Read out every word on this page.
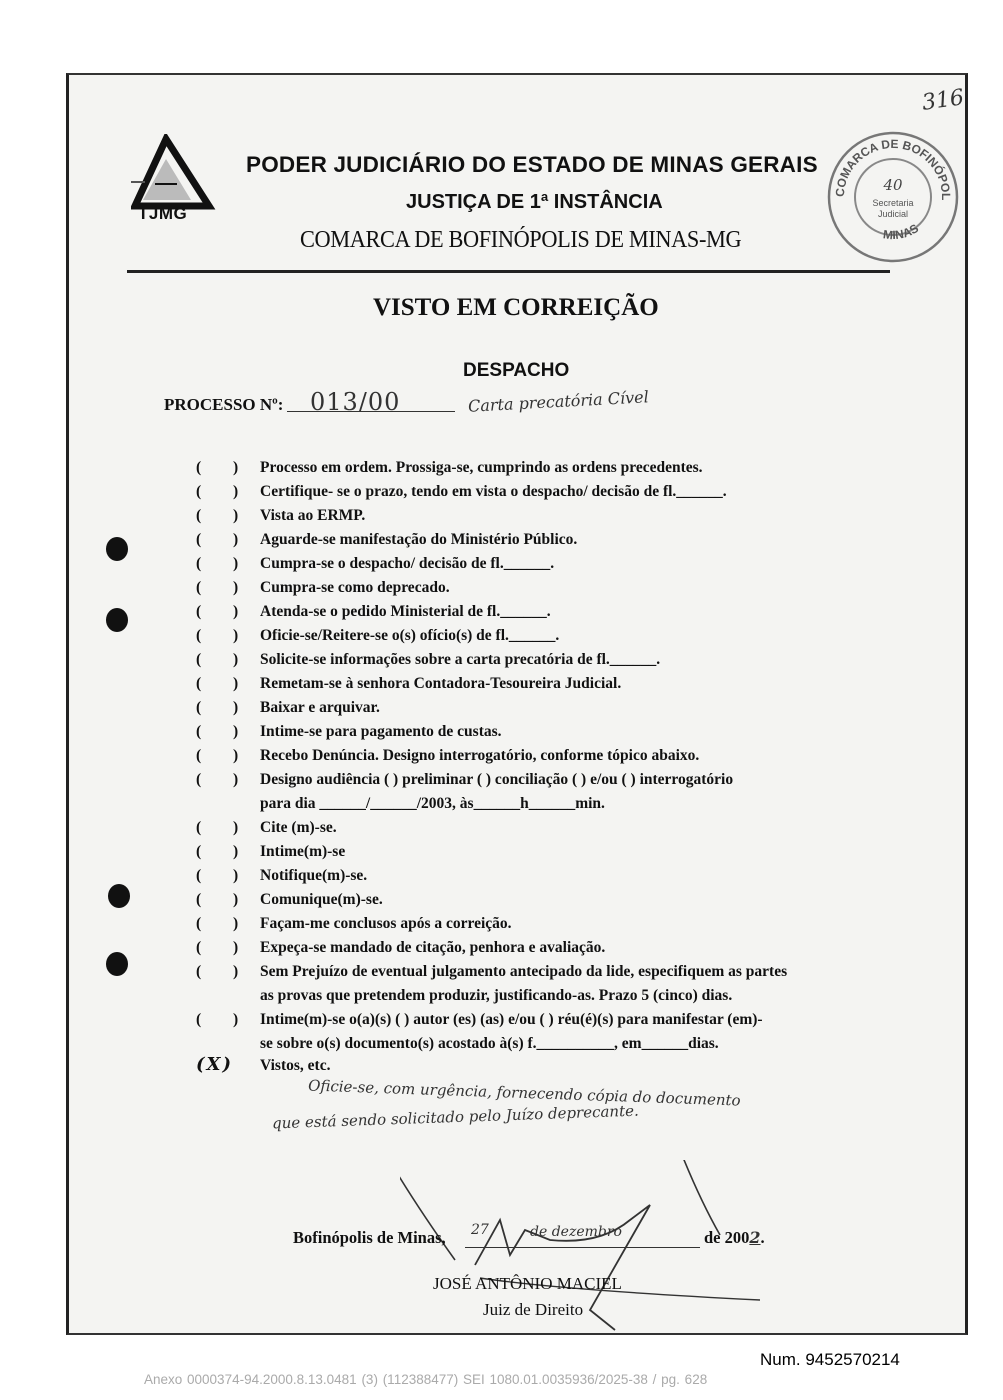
TJMG
PODER JUDICIÁRIO DO ESTADO DE MINAS GERAIS
JUSTIÇA DE 1ª INSTÂNCIA
COMARCA DE BOFINÓPOLIS DE MINAS-MG
316
COMARCA DE BOFINÓPOL
MINAS
40
Secretaria
Judicial
VISTO EM CORREIÇÃO
DESPACHO
PROCESSO Nº: 013/00	Carta precatória Cível
( ) Processo em ordem. Prossiga-se, cumprindo as ordens precedentes.
( ) Certifique- se o prazo, tendo em vista o despacho/ decisão de fl.______.
( ) Vista ao ERMP.
( ) Aguarde-se manifestação do Ministério Público.
( ) Cumpra-se o despacho/ decisão de fl.______.
( ) Cumpra-se como deprecado.
( ) Atenda-se o pedido Ministerial de fl.______.
( ) Oficie-se/Reitere-se o(s) ofício(s) de fl.______.
( ) Solicite-se informações sobre a carta precatória de fl.______.
( ) Remetam-se à senhora Contadora-Tesoureira Judicial.
( ) Baixar e arquivar.
( ) Intime-se para pagamento de custas.
( ) Recebo Denúncia. Designo interrogatório, conforme tópico abaixo.
( ) Designo audiência ( ) preliminar ( ) conciliação ( ) e/ou ( ) interrogatório
para dia ______/______/2003, às______h______min.
( ) Cite (m)-se.
( ) Intime(m)-se
( ) Notifique(m)-se.
( ) Comunique(m)-se.
( ) Façam-me conclusos após a correição.
( ) Expeça-se mandado de citação, penhora e avaliação.
( ) Sem Prejuízo de eventual julgamento antecipado da lide, especifiquem as partes
as provas que pretendem produzir, justificando-as. Prazo 5 (cinco) dias.
( ) Intime(m)-se o(a)(s) ( ) autor (es) (as) e/ou ( ) réu(é)(s) para manifestar (em)-
se sobre o(s) documento(s) acostado à(s) f.__________, em______dias.
(X) Vistos, etc.
Oficie-se, com urgência, fornecendo cópia do documento
que está sendo solicitado pelo Juízo deprecante.
Bofinópolis de Minas, 27	de dezembro	de 2002.
JOSÉ ANTÔNIO MACIEL
Juiz de Direito
Num. 9452570214
Anexo 0000374-94.2000.8.13.0481 (3) (112388477) SEI 1080.01.0035936/2025-38 / pg. 628
